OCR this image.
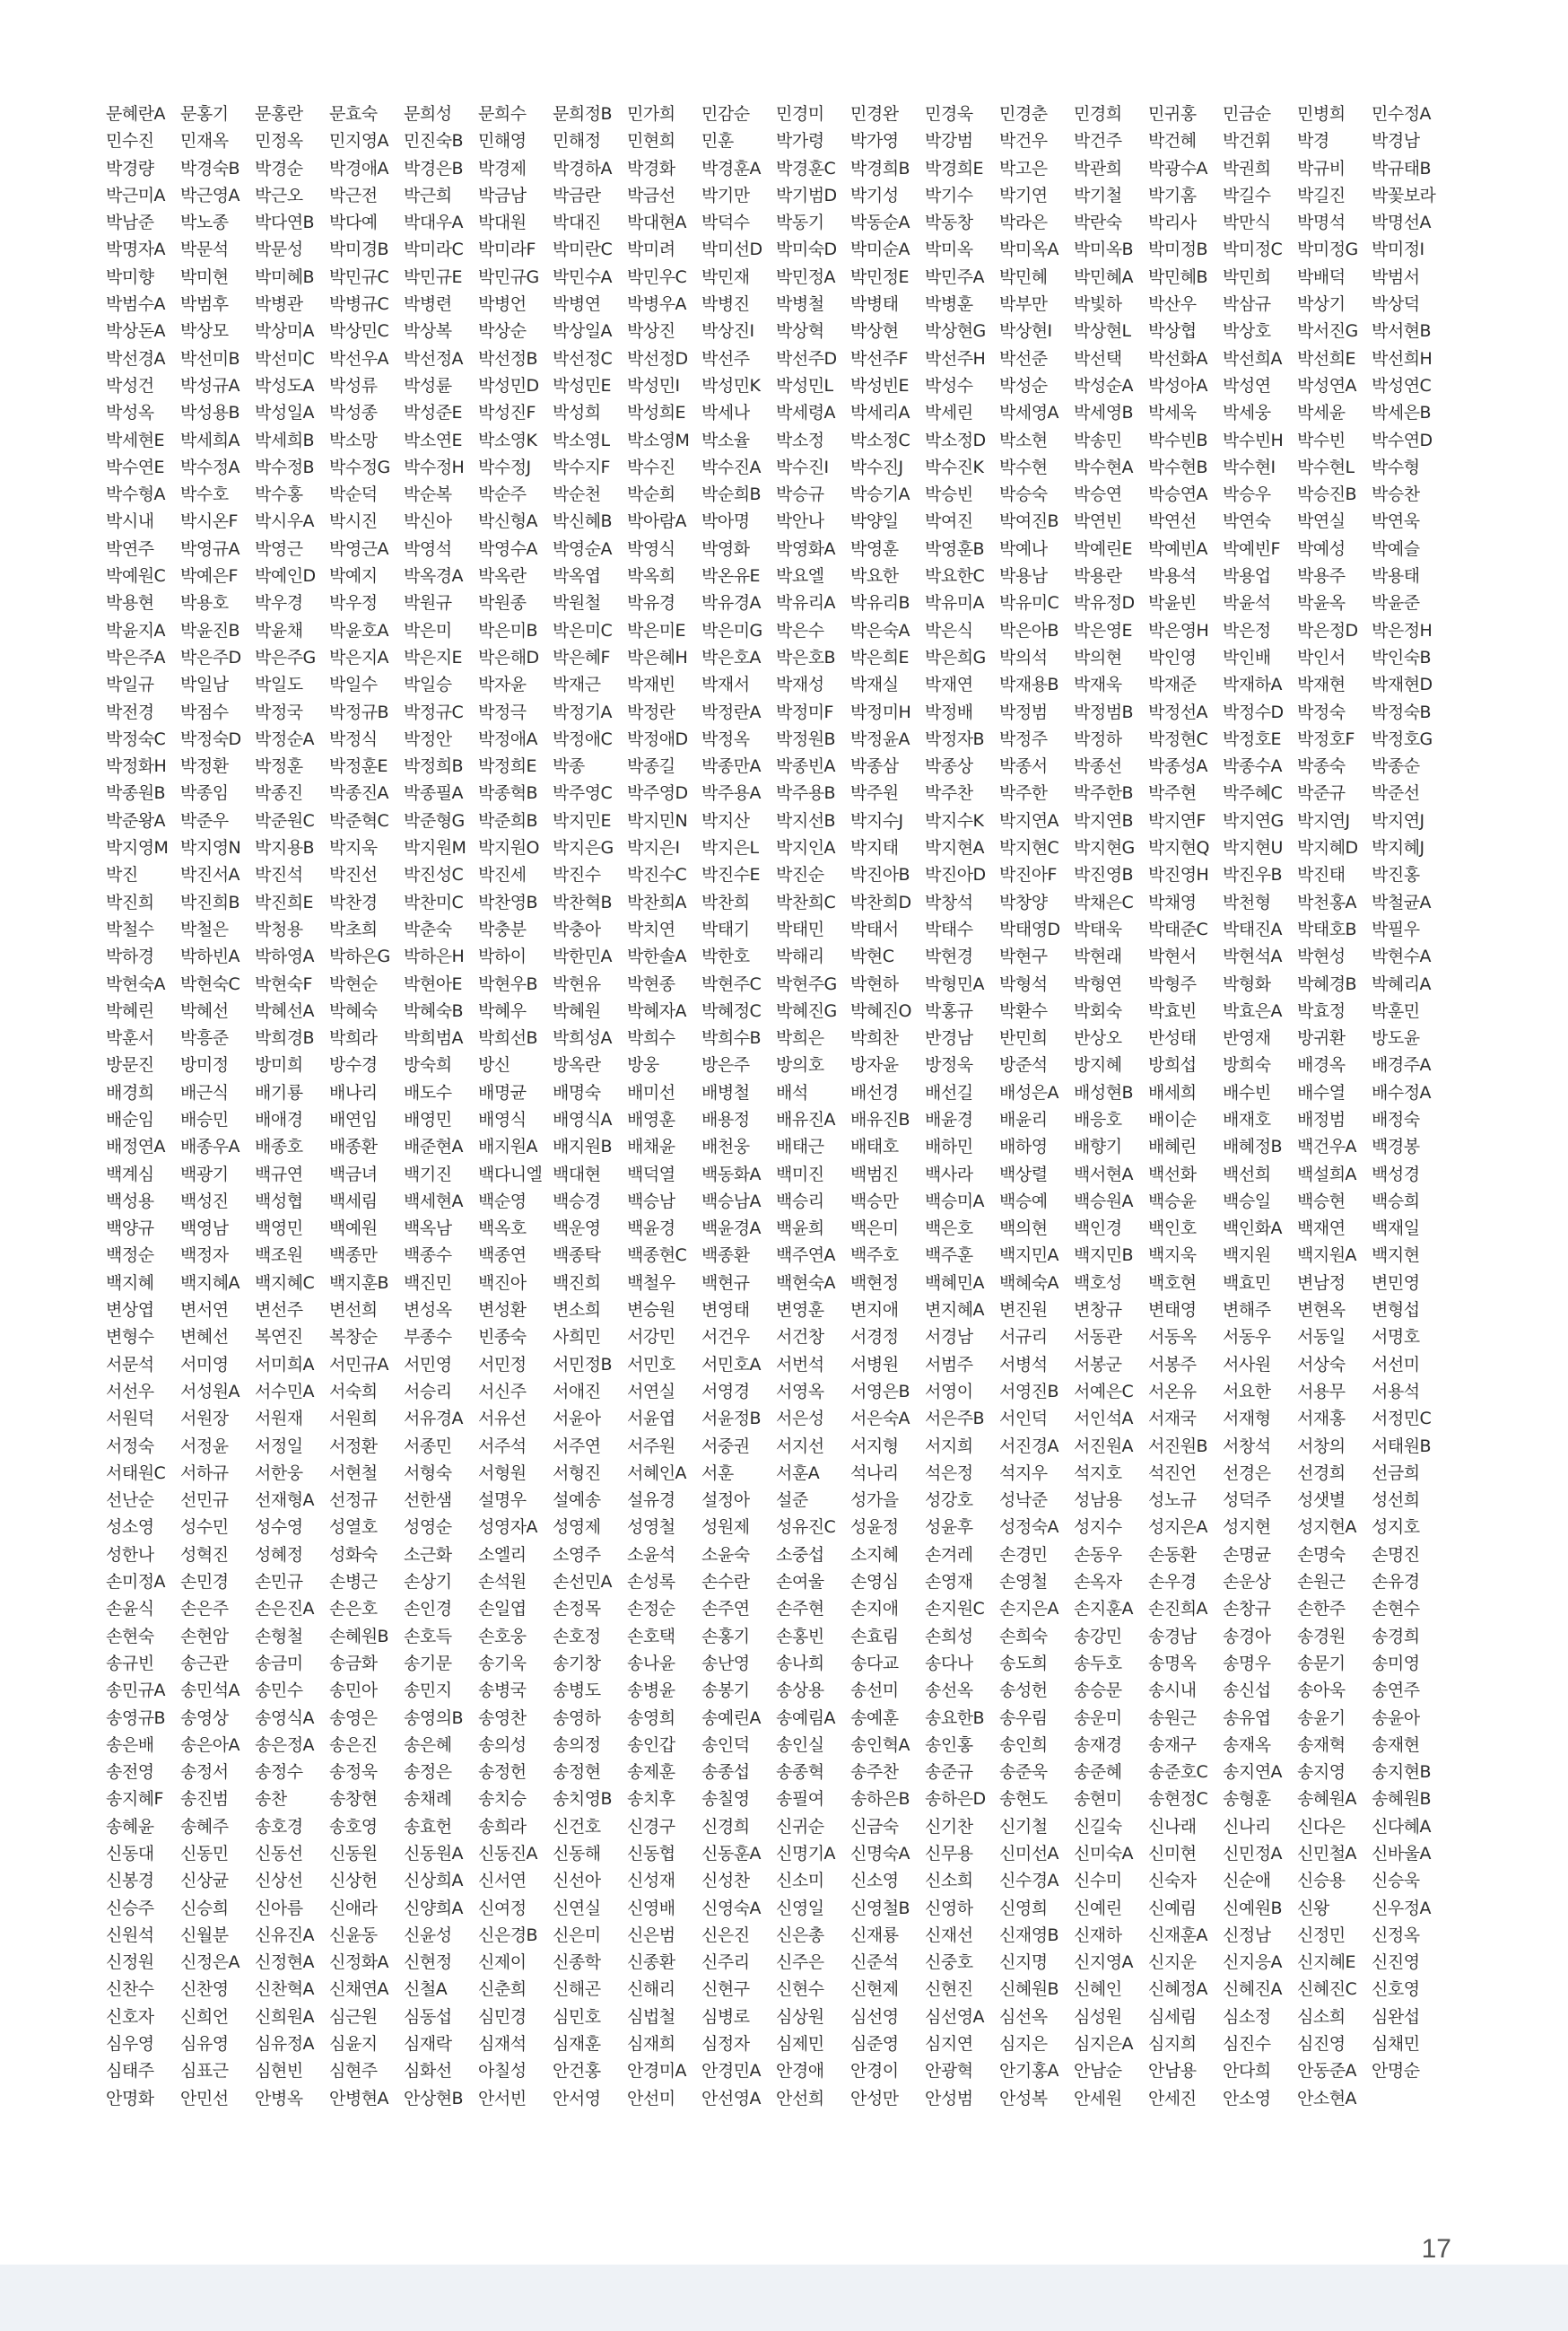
문혜란A 문홍기	문홍란	문효숙	문희성	문희수	문희정B 민가희	민감순	민경미	민경완	민경욱	민경춘	민경희	민귀홍	민금순	민병희	민수정A
민수진	민재옥	민정옥	민지영A 민진숙B 민해영	민해정	민현희	민훈	박가령	박가영	박강범	박건우	박건주	박건혜	박건휘	박경	박경남
박경량	박경숙B 박경순	박경애A 박경은B 박경제	박경하A 박경화	박경훈A 박경훈C 박경희B 박경희E 박고은	박관희	박광수A 박권희	박규비	박규태B
박근미A 박근영A 박근오	박근전	박근희	박금남	박금란	박금선	박기만	박기범D 박기성	박기수	박기연	박기철	박기홈	박길수	박길진	박꽃보라
박남준	박노종	박다연B 박다예	박대우A 박대원	박대진	박대현A 박덕수	박동기	박동순A 박동창	박라은	박란숙	박리사	박만식	박명석	박명선A
박명자A 박문석	박문성	박미경B 박미라C 박미라F	박미란C 박미려	박미선D 박미숙D 박미순A 박미옥	박미옥A 박미옥B 박미정B 박미정C 박미정G 박미정I
박미향	박미현	박미혜B 박민규C 박민규E 박민규G 박민수A 박민우C 박민재	박민정A 박민정E 박민주A 박민혜	박민혜A 박민혜B 박민희	박배덕	박범서
박범수A 박범후	박병관	박병규C 박병련	박병언	박병연	박병우A 박병진	박병철	박병태	박병훈	박부만	박빛하	박산우	박삼규	박상기	박상덕
박상돈A 박상모	박상미A 박상민C 박상복	박상순	박상일A 박상진	박상진I	박상혁	박상현	박상현G 박상현I	박상현L	박상협	박상호	박서진G 박서현B
박선경A 박선미B 박선미C 박선우A 박선정A 박선정B 박선정C 박선정D 박선주	박선주D 박선주F	박선주H 박선준	박선택	박선화A 박선희A 박선희E 박선희H
박성건	박성규A 박성도A 박성류	박성륜	박성민D 박성민E 박성민I	박성민K 박성민L	박성빈E 박성수	박성순	박성순A 박성아A 박성연	박성연A 박성연C
박성옥	박성용B 박성일A 박성종	박성준E 박성진F	박성희	박성희E 박세나	박세령A 박세리A 박세린	박세영A 박세영B 박세욱	박세웅	박세윤	박세은B
박세현E 박세희A 박세희B 박소망	박소연E 박소영K 박소영L	박소영M 박소율	박소정	박소정C 박소정D 박소현	박송민	박수빈B 박수빈H 박수빈	박수연D
박수연E 박수정A 박수정B 박수정G 박수정H 박수정J	박수지F	박수진	박수진A 박수진I	박수진J	박수진K 박수현	박수현A 박수현B 박수현I	박수현L	박수형
박수형A 박수호	박수홍	박순덕	박순복	박순주	박순천	박순희	박순희B 박승규	박승기A 박승빈	박승숙	박승연	박승연A 박승우	박승진B 박승찬
박시내	박시온F	박시우A 박시진	박신아	박신형A 박신혜B 박아람A 박아명	박안나	박양일	박여진	박여진B 박연빈	박연선	박연숙	박연실	박연욱
박연주	박영규A 박영근	박영근A 박영석	박영수A 박영순A 박영식	박영화	박영화A 박영훈	박영훈B 박예나	박예린E 박예빈A 박예빈F	박예성	박예슬
박예원C 박예은F	박예인D 박예지	박옥경A 박옥란	박옥엽	박옥희	박온유E 박요엘	박요한	박요한C 박용남	박용란	박용석	박용업	박용주	박용태
박용현	박용호	박우경	박우정	박원규	박원종	박원철	박유경	박유경A 박유리A 박유리B 박유미A 박유미C 박유정D 박윤빈	박윤석	박윤옥	박윤준
박윤지A 박윤진B 박윤채	박윤호A 박은미	박은미B 박은미C 박은미E 박은미G 박은수	박은숙A 박은식	박은아B 박은영E 박은영H 박은정	박은정D 박은정H
박은주A 박은주D 박은주G 박은지A 박은지E 박은해D 박은혜F	박은혜H 박은호A 박은호B 박은희E 박은희G 박의석	박의현	박인영	박인배	박인서	박인숙B
박일규	박일남	박일도	박일수	박일승	박자윤	박재근	박재빈	박재서	박재성	박재실	박재연	박재용B 박재욱	박재준	박재하A 박재현	박재현D
박전경	박점수	박정국	박정규B 박정규C 박정극	박정기A 박정란	박정란A 박정미F	박정미H 박정배	박정범	박정범B 박정선A 박정수D 박정숙	박정숙B
박정숙C 박정숙D 박정순A 박정식	박정안	박정애A 박정애C 박정애D 박정옥	박정원B 박정윤A 박정자B 박정주	박정하	박정현C 박정호E 박정호F	박정호G
박정화H 박정환	박정훈	박정훈E 박정희B 박정희E 박종	박종길	박종만A 박종빈A 박종삼	박종상	박종서	박종선	박종성A 박종수A 박종숙	박종순
박종원B 박종임	박종진	박종진A 박종필A 박종혁B 박주영C 박주영D 박주용A 박주용B 박주원	박주찬	박주한	박주한B 박주현	박주혜C 박준규	박준선
박준왕A 박준우	박준원C 박준혁C 박준형G 박준희B 박지민E 박지민N 박지산	박지선B 박지수J	박지수K 박지연A 박지연B 박지연F	박지연G 박지연J	박지연J
박지영M 박지영N 박지용B 박지욱	박지원M 박지원O 박지은G 박지은I	박지은L	박지인A 박지태	박지현A 박지현C 박지현G 박지현Q 박지현U 박지혜D 박지혜J
박진	박진서A 박진석	박진선	박진성C 박진세	박진수	박진수C 박진수E 박진순	박진아B 박진아D 박진아F	박진영B 박진영H 박진우B 박진태	박진홍
박진희	박진희B 박진희E 박찬경	박찬미C 박찬영B 박찬혁B 박찬희A 박찬희	박찬희C 박찬희D 박창석	박창양	박채은C 박채영	박천형	박천홍A 박철균A
박철수	박철은	박청용	박초희	박춘숙	박충분	박충아	박치연	박태기	박태민	박태서	박태수	박태영D 박태욱	박태준C 박태진A 박태호B 박필우
박하경	박하빈A 박하영A 박하은G 박하은H 박하이	박한민A 박한솔A 박한호	박해리	박현C	박현경	박현구	박현래	박현서	박현석A 박현성	박현수A
박현숙A 박현숙C 박현숙F	박현순	박현아E 박현우B 박현유	박현종	박현주C 박현주G 박현하	박형민A 박형석	박형연	박형주	박형화	박혜경B 박혜리A
박혜린	박혜선	박혜선A 박혜숙	박혜숙B 박혜우	박혜원	박혜자A 박혜정C 박혜진G 박혜진O 박홍규	박환수	박회숙	박효빈	박효은A 박효정	박훈민
박훈서	박흥준	박희경B 박희라	박희범A 박희선B 박희성A 박희수	박희수B 박희은	박희찬	반경남	반민희	반상오	반성태	반영재	방귀환	방도윤
방문진	방미정	방미희	방수경	방숙희	방신	방옥란	방웅	방은주	방의호	방자윤	방정욱	방준석	방지혜	방희섭	방희숙	배경옥	배경주A
배경희	배근식	배기룡	배나리	배도수	배명균	배명숙	배미선	배병철	배석	배선경	배선길	배성은A 배성현B 배세희	배수빈	배수열	배수정A
배순임	배승민	배애경	배연임	배영민	배영식	배영식A 배영훈	배용정	배유진A 배유진B 배윤경	배윤리	배응호	배이순	배재호	배정범	배정숙
배정연A 배종우A 배종호	배종환	배준현A 배지원A 배지원B 배채윤	배천웅	배태근	배태호	배하민	배하영	배향기	배혜린	배혜정B 백건우A 백경봉
백계심	백광기	백규연	백금녀	백기진	백다니엘 백대현	백덕열	백동화A 백미진	백범진	백사라	백상렬	백서현A 백선화	백선희	백설희A 백성경
백성용	백성진	백성협	백세림	백세현A 백순영	백승경	백승남	백승남A 백승리	백승만	백승미A 백승예	백승원A 백승윤	백승일	백승현	백승희
백양규	백영남	백영민	백예원	백옥남	백옥호	백운영	백윤경	백윤경A 백윤희	백은미	백은호	백의현	백인경	백인호	백인화A 백재연	백재일
백정순	백정자	백조원	백종만	백종수	백종연	백종탁	백종현C 백종환	백주연A 백주호	백주훈	백지민A 백지민B 백지욱	백지원	백지원A 백지현
백지혜	백지혜A 백지혜C 백지훈B 백진민	백진아	백진희	백철우	백현규	백현숙A 백현정	백혜민A 백혜숙A 백호성	백호현	백효민	변남정	변민영
변상엽	변서연	변선주	변선희	변성옥	변성환	변소희	변승원	변영태	변영훈	변지애	변지혜A 변진원	변창규	변태영	변해주	변현옥	변형섭
변형수	변혜선	복연진	복창순	부종수	빈종숙	사희민	서강민	서건우	서건창	서경정	서경남	서규리	서동관	서동옥	서동우	서동일	서명호
서문석	서미영	서미희A 서민규A 서민영	서민정	서민정B 서민호	서민호A 서번석	서병원	서범주	서병석	서봉군	서봉주	서사원	서상숙	서선미
서선우	서성원A 서수민A 서숙희	서승리	서신주	서애진	서연실	서영경	서영옥	서영은B 서영이	서영진B 서예은C 서온유	서요한	서용무	서용석
서원덕	서원장	서원재	서원희	서유경A 서유선	서윤아	서윤엽	서윤정B 서은성	서은숙A 서은주B 서인덕	서인석A 서재국	서재형	서재홍	서정민C
서정숙	서정윤	서정일	서정환	서종민	서주석	서주연	서주원	서중권	서지선	서지형	서지희	서진경A 서진원A 서진원B 서창석	서창의	서태원B
서태원C 서하규	서한웅	서현철	서형숙	서형원	서형진	서혜인A 서훈	서훈A	석나리	석은정	석지우	석지호	석진언	선경은	선경희	선금희
선난순	선민규	선재형A 선정규	선한샘	설명우	설예송	설유경	설정아	설준	성가을	성강호	성낙준	성남용	성노규	성덕주	성샛별	성선희
성소영	성수민	성수영	성열호	성영순	성영자A 성영제	성영철	성원제	성유진C 성윤정	성윤후	성정숙A 성지수	성지은A 성지현	성지현A 성지호
성한나	성혁진	성혜정	성화숙	소근화	소엘리	소영주	소윤석	소윤숙	소중섭	소지혜	손겨레	손경민	손동우	손동환	손명균	손명숙	손명진
손미정A 손민경	손민규	손병근	손상기	손석원	손선민A 손성록	손수란	손여울	손영심	손영재	손영철	손옥자	손우경	손운상	손원근	손유경
손윤식	손은주	손은진A 손은호	손인경	손일엽	손정목	손정순	손주연	손주현	손지애	손지원C 손지은A 손지훈A 손진희A 손창규	손한주	손현수
손현숙	손현암	손형철	손혜원B 손호득	손호웅	손호정	손호택	손홍기	손홍빈	손효림	손희성	손희숙	송강민	송경남	송경아	송경원	송경희
송규빈	송근관	송금미	송금화	송기문	송기욱	송기창	송나윤	송난영	송나희	송다교	송다나	송도희	송두호	송명옥	송명우	송문기	송미영
송민규A 송민석A 송민수	송민아	송민지	송병국	송병도	송병윤	송봉기	송상용	송선미	송선옥	송성헌	송승문	송시내	송신섭	송아욱	송연주
송영규B 송영상	송영식A 송영은	송영의B 송영찬	송영하	송영희	송예린A 송예림A 송예훈	송요한B 송우림	송운미	송원근	송유엽	송윤기	송윤아
송은배	송은아A 송은정A 송은진	송은혜	송의성	송의정	송인갑	송인덕	송인실	송인혁A 송인홍	송인희	송재경	송재구	송재옥	송재혁	송재현
송전영	송정서	송정수	송정욱	송정은	송정헌	송정현	송제훈	송종섭	송종혁	송주찬	송준규	송준욱	송준혜	송준호C 송지연A 송지영	송지현B
송지혜F	송진범	송찬	송창현	송채례	송치승	송치영B 송치후	송칠영	송필여	송하은B 송하은D 송현도	송현미	송현정C 송형훈	송혜원A 송혜원B
송혜윤	송혜주	송호경	송호영	송효헌	송희라	신건호	신경구	신경희	신귀순	신금숙	신기찬	신기철	신길숙	신나래	신나리	신다은	신다혜A
신동대	신동민	신동선	신동원	신동원A 신동진A 신동해	신동협	신동훈A 신명기A 신명숙A 신무용	신미선A 신미숙A 신미현	신민정A 신민철A 신바울A
신봉경	신상균	신상선	신상헌	신상희A 신서연	신선아	신성재	신성찬	신소미	신소영	신소희	신수경A 신수미	신숙자	신순애	신승용	신승욱
신승주	신승희	신아름	신애라	신양희A 신여정	신연실	신영배	신영숙A 신영일	신영철B 신영하	신영희	신예린	신예림	신예원B 신왕	신우정A
신원석	신월분	신유진A 신윤동	신윤성	신은경B 신은미	신은범	신은진	신은총	신재룡	신재선	신재영B 신재하	신재훈A 신정남	신정민	신정옥
신정원	신정은A 신정현A 신정화A 신현정	신제이	신종학	신종환	신주리	신주은	신준석	신중호	신지명	신지영A 신지운	신지응A 신지혜E 신진영
신찬수	신찬영	신찬혁A 신채연A 신철A	신춘희	신해곤	신해리	신현구	신현수	신현제	신현진	신혜원B 신혜인	신혜정A 신혜진A 신혜진C 신호영
신호자	신희언	신희원A 심근원	심동섭	심민경	심민호	심법철	심병로	심상원	심선영	심선영A 심선옥	심성원	심세림	심소정	심소희	심완섭
심우영	심유영	심유정A 심윤지	심재락	심재석	심재훈	심재희	심정자	심제민	심준영	심지연	심지은	심지은A 심지희	심진수	심진영	심채민
심태주	심표근	심현빈	심현주	심화선	아칠성	안건홍	안경미A 안경민A 안경애	안경이	안광혁	안기홍A 안남순	안남용	안다희	안동준A 안명순
안명화	안민선	안병옥	안병현A 안상현B 안서빈	안서영	안선미	안선영A 안선희	안성만	안성범	안성복	안세원	안세진	안소영	안소현A
17
